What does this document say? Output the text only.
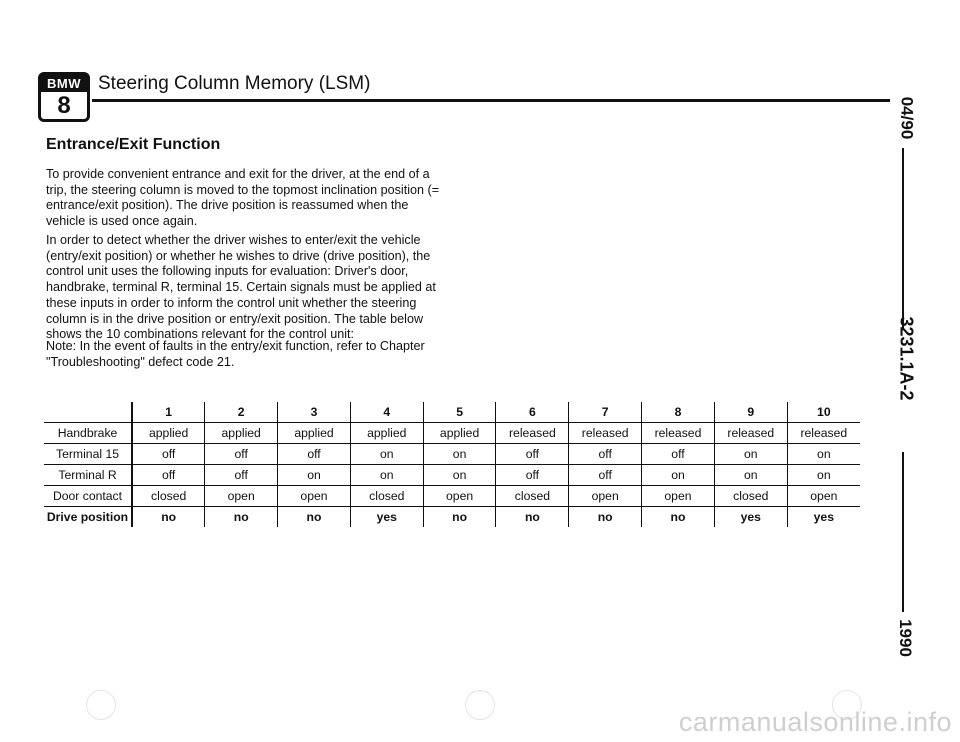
BMW
8
Steering Column Memory (LSM)
Entrance/Exit Function

To provide convenient entrance and exit for the driver, at the end of a trip, the steering column is moved to the topmost inclination position (= entrance/exit position). The drive position is reassumed when the vehicle is used once again.

In order to detect whether the driver wishes to enter/exit the vehicle (entry/exit position) or whether he wishes to drive (drive position), the control unit uses the following inputs for evaluation: Driver's door, handbrake, terminal R, terminal 15. Certain signals must be applied at these inputs in order to inform the control unit whether the steering column is in the drive position or entry/exit position. The table below shows the 10 combinations relevant for the control unit:

Note: In the event of faults in the entry/exit function, refer to Chapter "Troubleshooting" defect code 21.

	1	2	3	4	5	6	7	8	9	10
Handbrake	applied	applied	applied	applied	applied	released	released	released	released	released
Terminal 15	off	off	off	on	on	off	off	off	on	on
Terminal R	off	off	on	on	on	off	off	on	on	on
Door contact	closed	open	open	closed	open	closed	open	open	closed	open
Drive position	no	no	no	yes	no	no	no	no	yes	yes
04/90
3231.1A-2
1990
carmanualsonline.info
